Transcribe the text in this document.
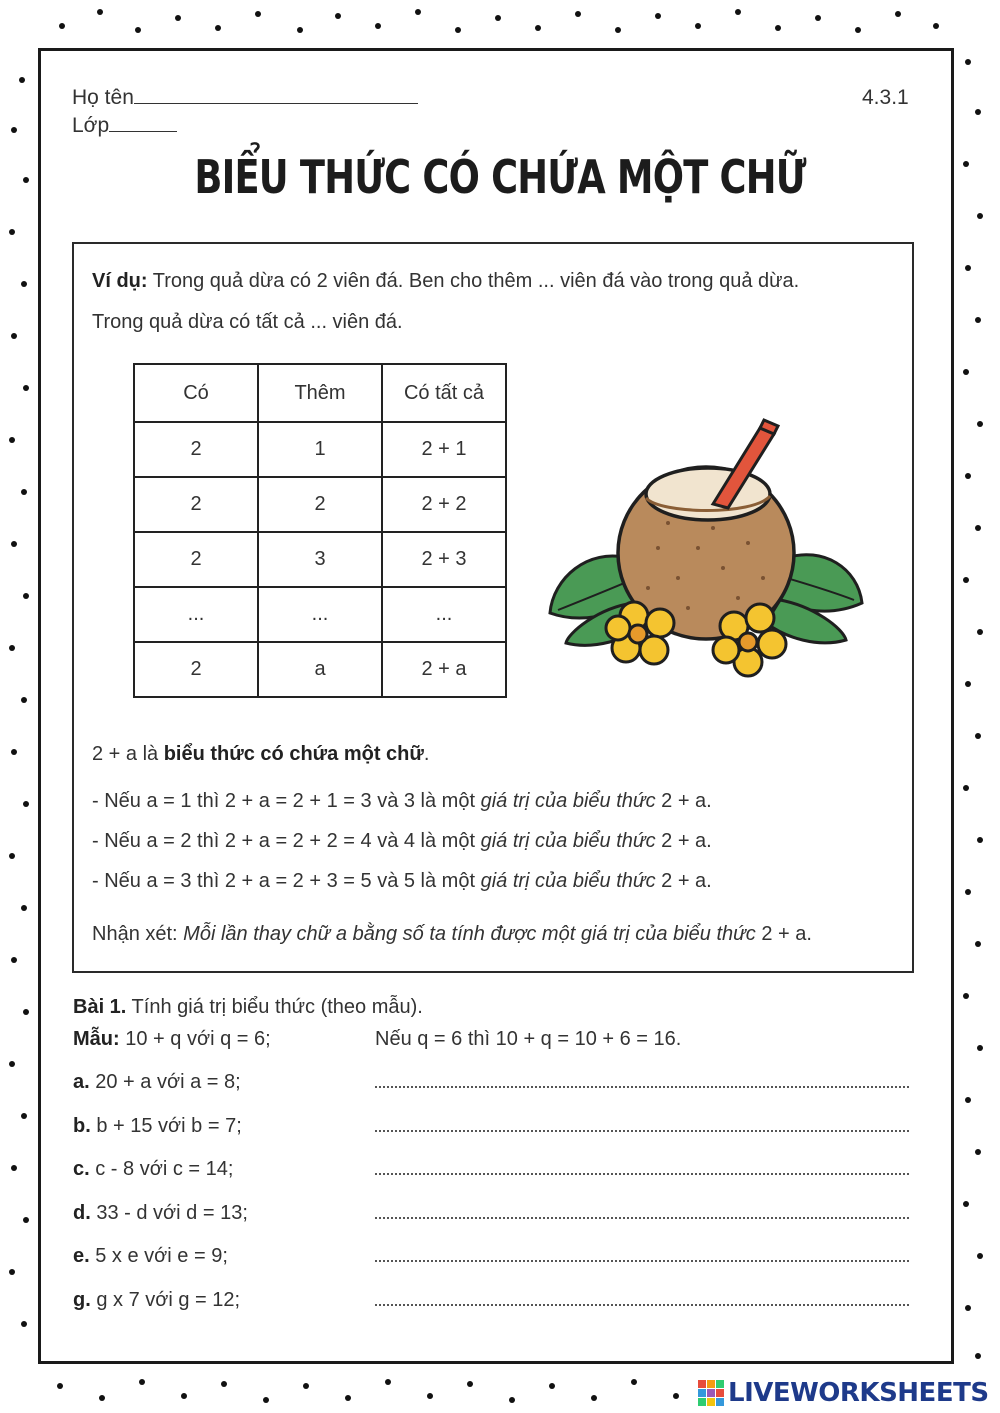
Họ tên
Lớp
4.3.1
BIỂU THỨC CÓ CHỨA MỘT CHỮ
Ví dụ: Trong quả dừa có 2 viên đá. Ben cho thêm ... viên đá vào trong quả dừa.
Trong quả dừa có tất cả ... viên đá.
Có	Thêm	Có tất cả
2	1	2 + 1
2	2	2 + 2
2	3	2 + 3
...	...	...
2	a	2 + a
2 + a là biểu thức có chứa một chữ.
- Nếu a = 1 thì 2 + a = 2 + 1 = 3 và 3 là một giá trị của biểu thức 2 + a.
- Nếu a = 2 thì 2 + a = 2 + 2 = 4 và 4 là một giá trị của biểu thức 2 + a.
- Nếu a = 3 thì 2 + a = 2 + 3 = 5 và 5 là một giá trị của biểu thức 2 + a.
Nhận xét: Mỗi lần thay chữ a bằng số ta tính được một giá trị của biểu thức 2 + a.
Bài 1. Tính giá trị biểu thức (theo mẫu).
Mẫu: 10 + q với q = 6;	Nếu q = 6 thì 10 + q = 10 + 6 = 16.
a. 20 + a với a = 8;
b. b + 15 với b = 7;
c. c - 8 với c = 14;
d. 33 - d với d = 13;
e. 5 x e với e = 9;
g. g x 7 với g = 12;
LIVEWORKSHEETS
